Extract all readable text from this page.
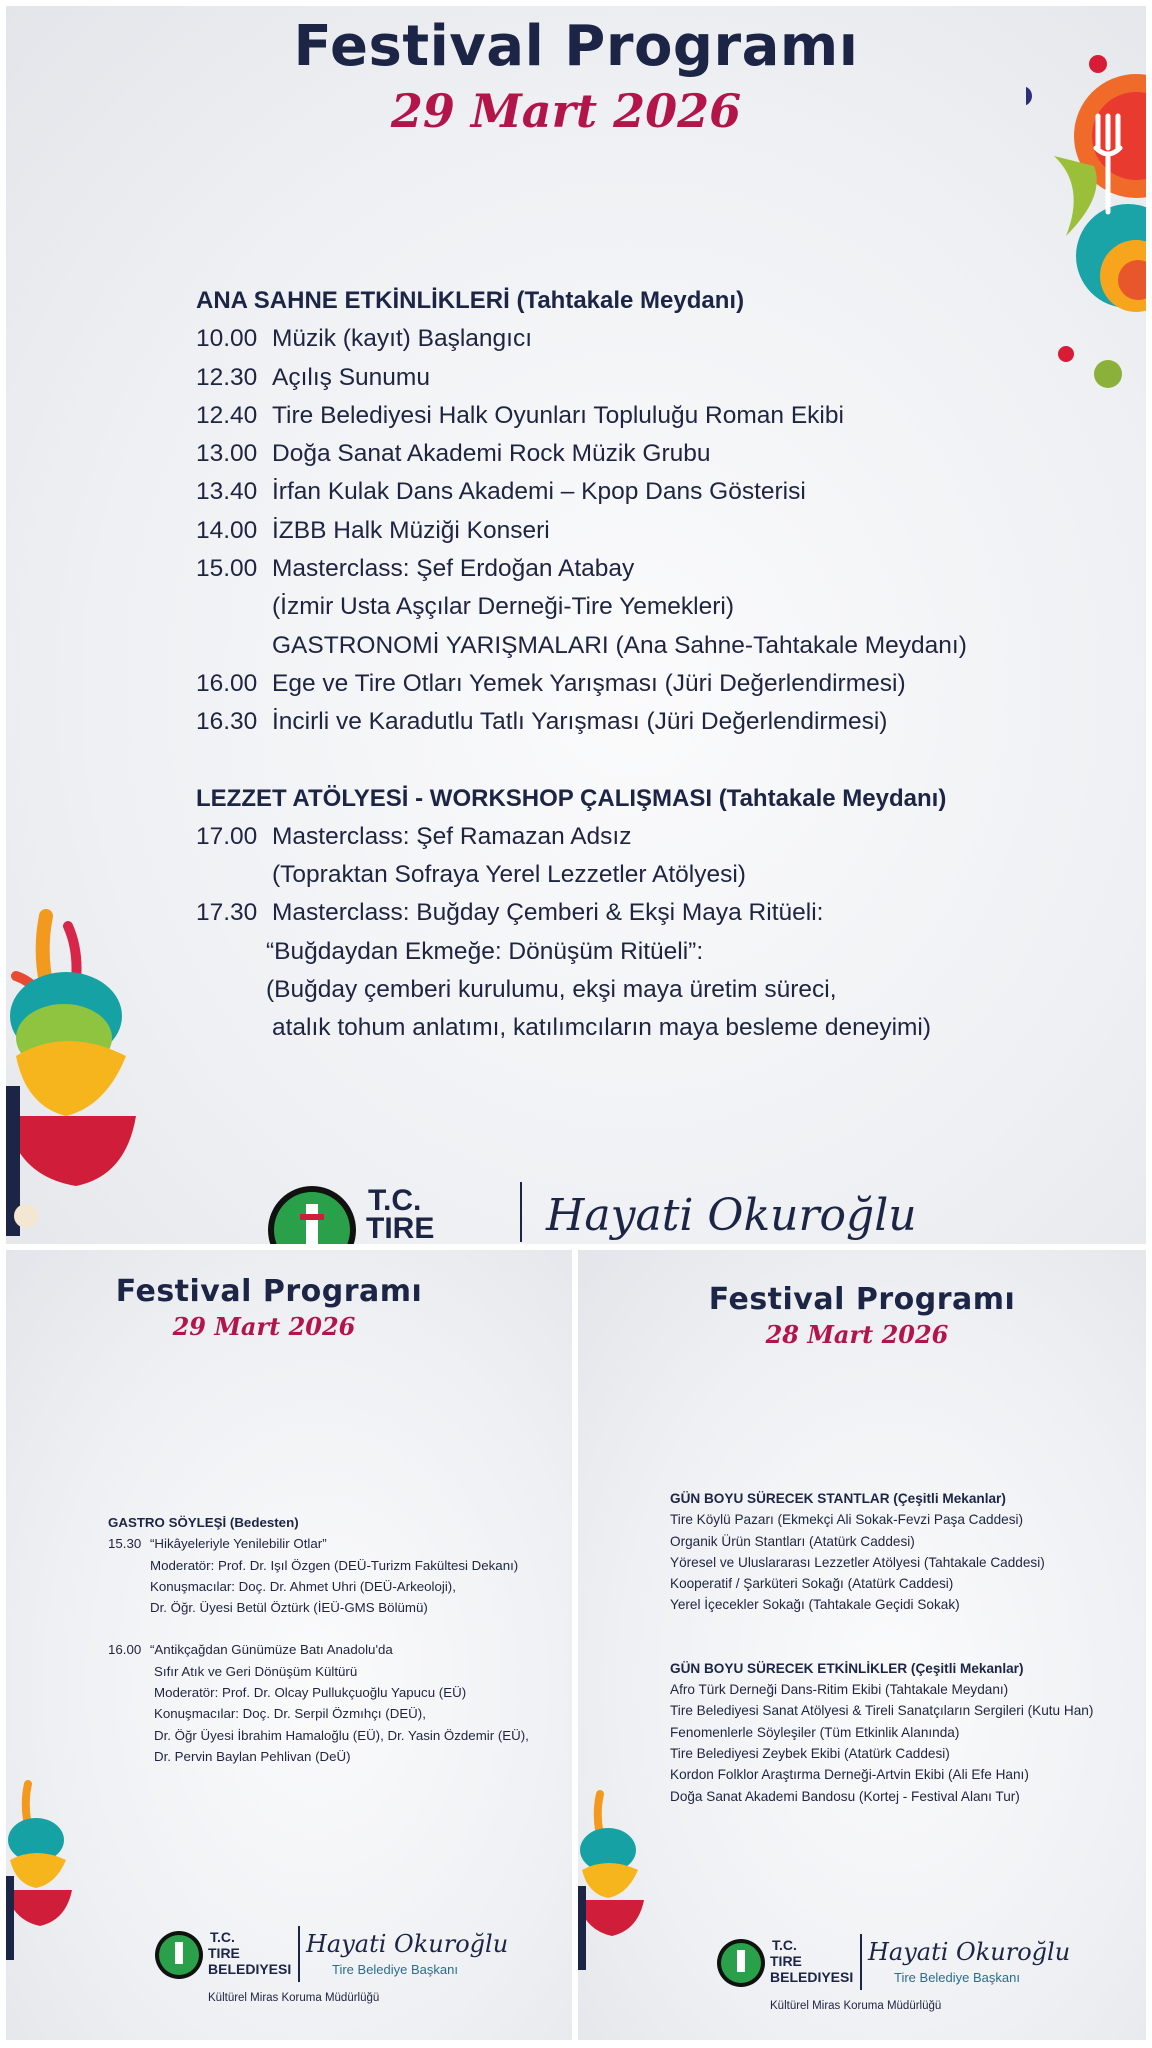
Festival Programı
29 Mart 2026
ANA SAHNE ETKİNLİKLERİ (Tahtakale Meydanı)
10.00 Müzik (kayıt) Başlangıcı
12.30 Açılış Sunumu
12.40 Tire Belediyesi Halk Oyunları Topluluğu Roman Ekibi
13.00 Doğa Sanat Akademi Rock Müzik Grubu
13.40 İrfan Kulak Dans Akademi – Kpop Dans Gösterisi
14.00 İZBB Halk Müziği Konseri
15.00 Masterclass: Şef Erdoğan Atabay
(İzmir Usta Aşçılar Derneği-Tire Yemekleri)
GASTRONOMİ YARIŞMALARI (Ana Sahne-Tahtakale Meydanı)
16.00 Ege ve Tire Otları Yemek Yarışması (Jüri Değerlendirmesi)
16.30 İncirli ve Karadutlu Tatlı Yarışması (Jüri Değerlendirmesi)
LEZZET ATÖLYESİ - WORKSHOP ÇALIŞMASI (Tahtakale Meydanı)
17.00 Masterclass: Şef Ramazan Adsız
(Topraktan Sofraya Yerel Lezzetler Atölyesi)
17.30 Masterclass: Buğday Çemberi & Ekşi Maya Ritüeli:
“Buğdaydan Ekmeğe: Dönüşüm Ritüeli”:
(Buğday çemberi kurulumu, ekşi maya üretim süreci,
atalık tohum anlatımı, katılımcıların maya besleme deneyimi)
T.C.
TIRE	Hayati Okuroğlu
Festival Programı
29 Mart 2026
GASTRO SÖYLEŞİ (Bedesten)
15.30 “Hikâyeleriyle Yenilebilir Otlar”
Moderatör: Prof. Dr. Işıl Özgen (DEÜ-Turizm Fakültesi Dekanı)
Konuşmacılar: Doç. Dr. Ahmet Uhri (DEÜ-Arkeoloji),
Dr. Öğr. Üyesi Betül Öztürk (İEÜ-GMS Bölümü)
16.00 “Antikçağdan Günümüze Batı Anadolu'da
Sıfır Atık ve Geri Dönüşüm Kültürü
Moderatör: Prof. Dr. Olcay Pullukçuoğlu Yapucu (EÜ)
Konuşmacılar: Doç. Dr. Serpil Özmıhçı (DEÜ),
Dr. Öğr Üyesi İbrahim Hamaloğlu (EÜ), Dr. Yasin Özdemir (EÜ),
Dr. Pervin Baylan Pehlivan (DeÜ)
T.C.
TIRE
BELEDIYESI
Hayati Okuroğlu
Tire Belediye Başkanı
Kültürel Miras Koruma Müdürlüğü
Festival Programı
28 Mart 2026
GÜN BOYU SÜRECEK STANTLAR (Çeşitli Mekanlar)
Tire Köylü Pazarı (Ekmekçi Ali Sokak-Fevzi Paşa Caddesi)
Organik Ürün Stantları (Atatürk Caddesi)
Yöresel ve Uluslararası Lezzetler Atölyesi (Tahtakale Caddesi)
Kooperatif / Şarküteri Sokağı (Atatürk Caddesi)
Yerel İçecekler Sokağı (Tahtakale Geçidi Sokak)
GÜN BOYU SÜRECEK ETKİNLİKLER (Çeşitli Mekanlar)
Afro Türk Derneği Dans-Ritim Ekibi (Tahtakale Meydanı)
Tire Belediyesi Sanat Atölyesi & Tireli Sanatçıların Sergileri (Kutu Han)
Fenomenlerle Söyleşiler (Tüm Etkinlik Alanında)
Tire Belediyesi Zeybek Ekibi (Atatürk Caddesi)
Kordon Folklor Araştırma Derneği-Artvin Ekibi (Ali Efe Hanı)
Doğa Sanat Akademi Bandosu (Kortej - Festival Alanı Tur)
T.C.
TIRE
BELEDIYESI
Hayati Okuroğlu
Tire Belediye Başkanı
Kültürel Miras Koruma Müdürlüğü
